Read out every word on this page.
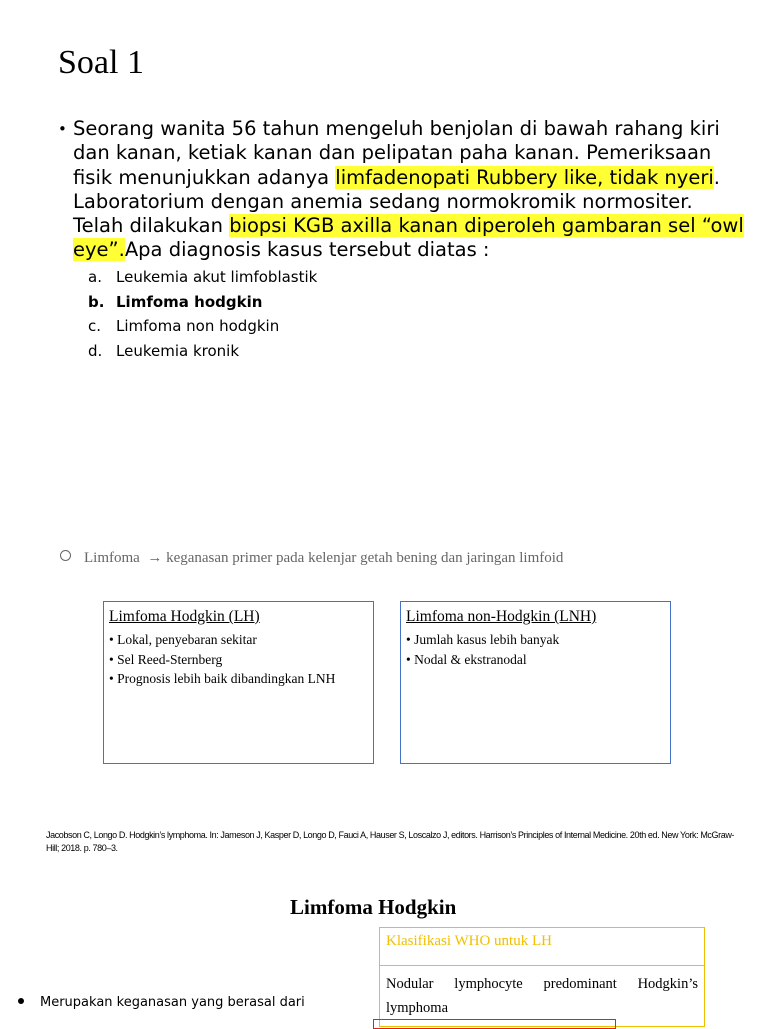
Soal 1
• Seorang wanita 56 tahun mengeluh benjolan di bawah rahang kiri dan kanan, ketiak kanan dan pelipatan paha kanan. Pemeriksaan fisik menunjukkan adanya limfadenopati Rubbery like, tidak nyeri. Laboratorium dengan anemia sedang normokromik normositer. Telah dilakukan biopsi KGB axilla kanan diperoleh gambaran sel “owl eye”.Apa diagnosis kasus tersebut diatas :
a. Leukemia akut limfoblastik
b. Limfoma hodgkin
c. Limfoma non hodgkin
d. Leukemia kronik
Limfoma → keganasan primer pada kelenjar getah bening dan jaringan limfoid
Limfoma Hodgkin (LH)
• Lokal, penyebaran sekitar
• Sel Reed-Sternberg
• Prognosis lebih baik dibandingkan LNH
Limfoma non-Hodgkin (LNH)
• Jumlah kasus lebih banyak
• Nodal & ekstranodal
Jacobson C, Longo D. Hodgkin’s lymphoma. In: Jameson J, Kasper D, Longo D, Fauci A, Hauser S, Loscalzo J, editors. Harrison’s Principles of Internal Medicine. 20th ed. New York: McGraw-Hill; 2018. p. 780–3.
Limfoma Hodgkin
Klasifikasi WHO untuk LH
Nodular lymphocyte predominant Hodgkin’s
lymphoma
Merupakan keganasan yang berasal dari
